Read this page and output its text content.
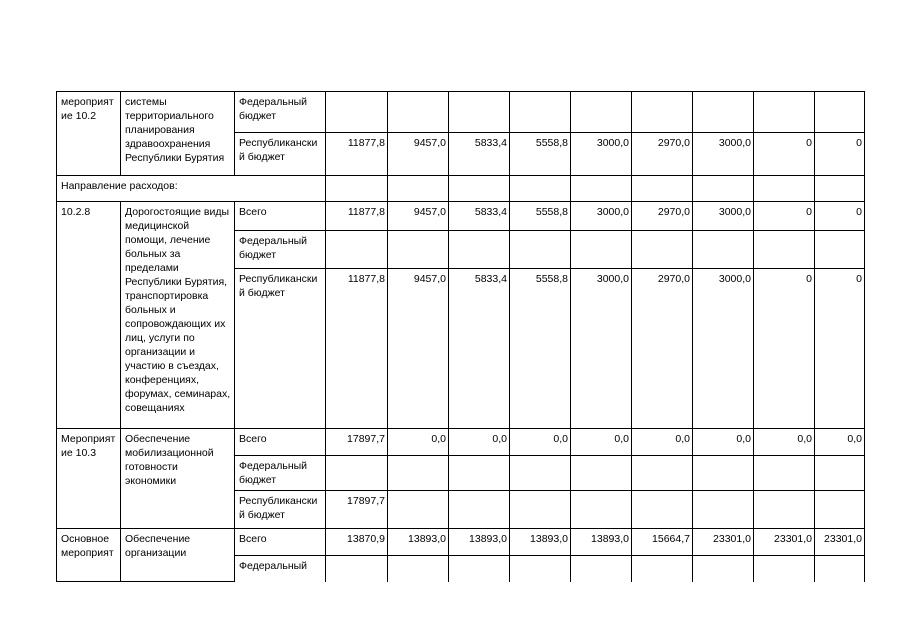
мероприят ие 10.2	системы территориального планирования здравоохранения Республики Бурятия	Федеральный бюджет									
		Республикански й бюджет	11877,8	9457,0	5833,4	5558,8	3000,0	2970,0	3000,0	0	0
Направление расходов:											
10.2.8	Дорогостоящие виды медицинской помощи, лечение больных за пределами Республики Бурятия, транспортировка больных и сопровождающих их лиц, услуги по организации и участию в съездах, конференциях, форумах, семинарах, совещаниях	Всего	11877,8	9457,0	5833,4	5558,8	3000,0	2970,0	3000,0	0	0
		Федеральный бюджет									
		Республикански й бюджет	11877,8	9457,0	5833,4	5558,8	3000,0	2970,0	3000,0	0	0
Мероприят ие 10.3	Обеспечение мобилизационной готовности экономики	Всего	17897,7	0,0	0,0	0,0	0,0	0,0	0,0	0,0	0,0
		Федеральный бюджет									
		Республикански й бюджет	17897,7								
Основное мероприят	Обеспечение организации	Всего	13870,9	13893,0	13893,0	13893,0	13893,0	15664,7	23301,0	23301,0	23301,0
		Федеральный									
